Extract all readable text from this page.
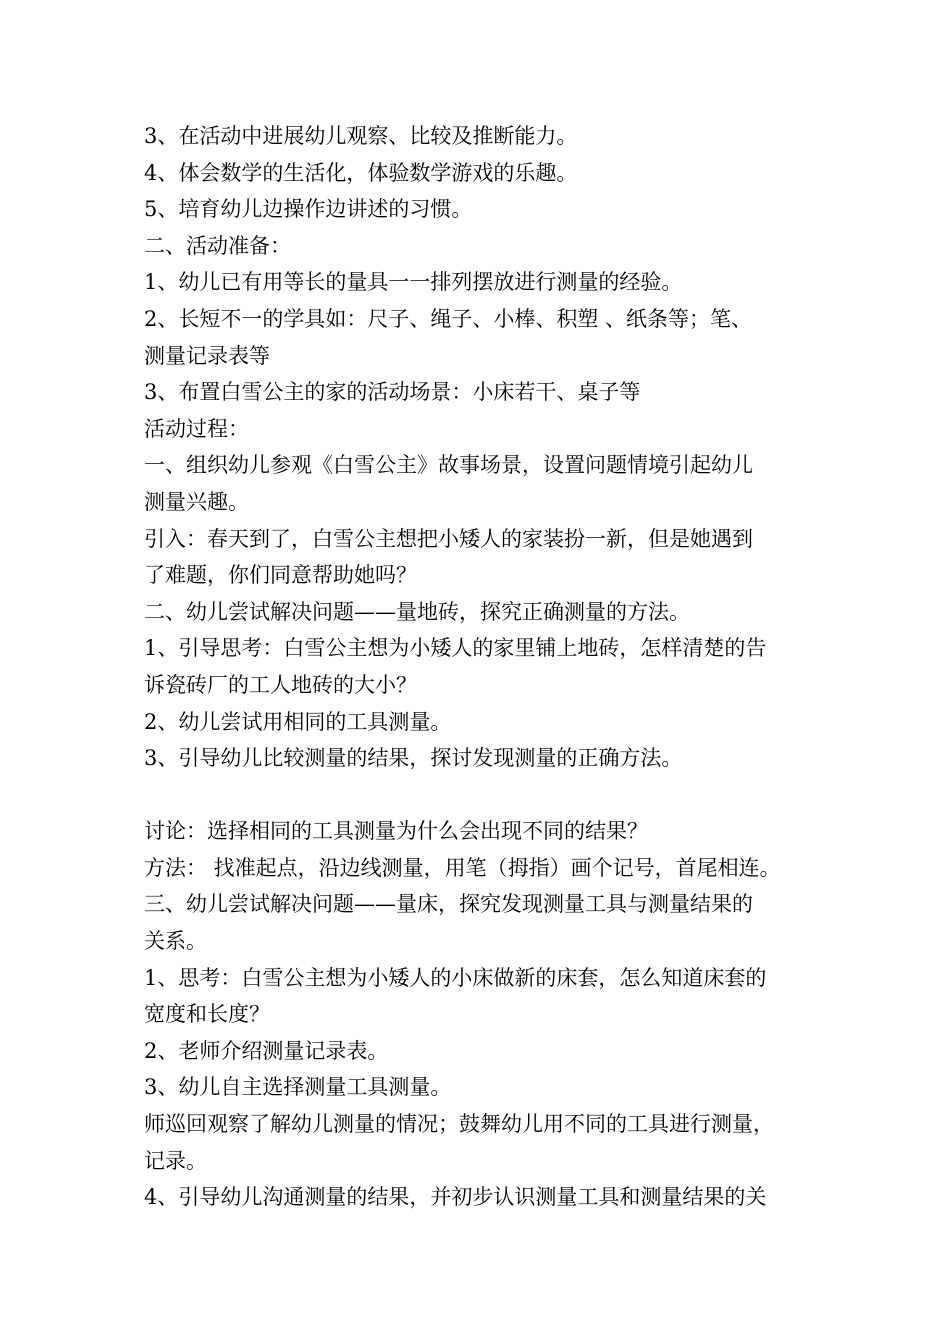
3、在活动中进展幼儿观察、比较及推断能力。
4、体会数学的生活化，体验数学游戏的乐趣。
5、培育幼儿边操作边讲述的习惯。
二、活动准备：
1、幼儿已有用等长的量具一一排列摆放进行测量的经验。
2、长短不一的学具如：尺子、绳子、小棒、积塑 、纸条等；笔、
测量记录表等
3、布置白雪公主的家的活动场景：小床若干、桌子等
活动过程：
一、组织幼儿参观《白雪公主》故事场景，设置问题情境引起幼儿
测量兴趣。
引入：春天到了，白雪公主想把小矮人的家装扮一新，但是她遇到
了难题，你们同意帮助她吗？
二、幼儿尝试解决问题——量地砖，探究正确测量的方法。
1、引导思考：白雪公主想为小矮人的家里铺上地砖，怎样清楚的告
诉瓷砖厂的工人地砖的大小？
2、幼儿尝试用相同的工具测量。
3、引导幼儿比较测量的结果，探讨发现测量的正确方法。
讨论：选择相同的工具测量为什么会出现不同的结果？
方法： 找准起点，沿边线测量，用笔（拇指）画个记号，首尾相连。
三、幼儿尝试解决问题——量床，探究发现测量工具与测量结果的
关系。
1、思考：白雪公主想为小矮人的小床做新的床套，怎么知道床套的
宽度和长度？
2、老师介绍测量记录表。
3、幼儿自主选择测量工具测量。
师巡回观察了解幼儿测量的情况；鼓舞幼儿用不同的工具进行测量，
记录。
4、引导幼儿沟通测量的结果，并初步认识测量工具和测量结果的关
